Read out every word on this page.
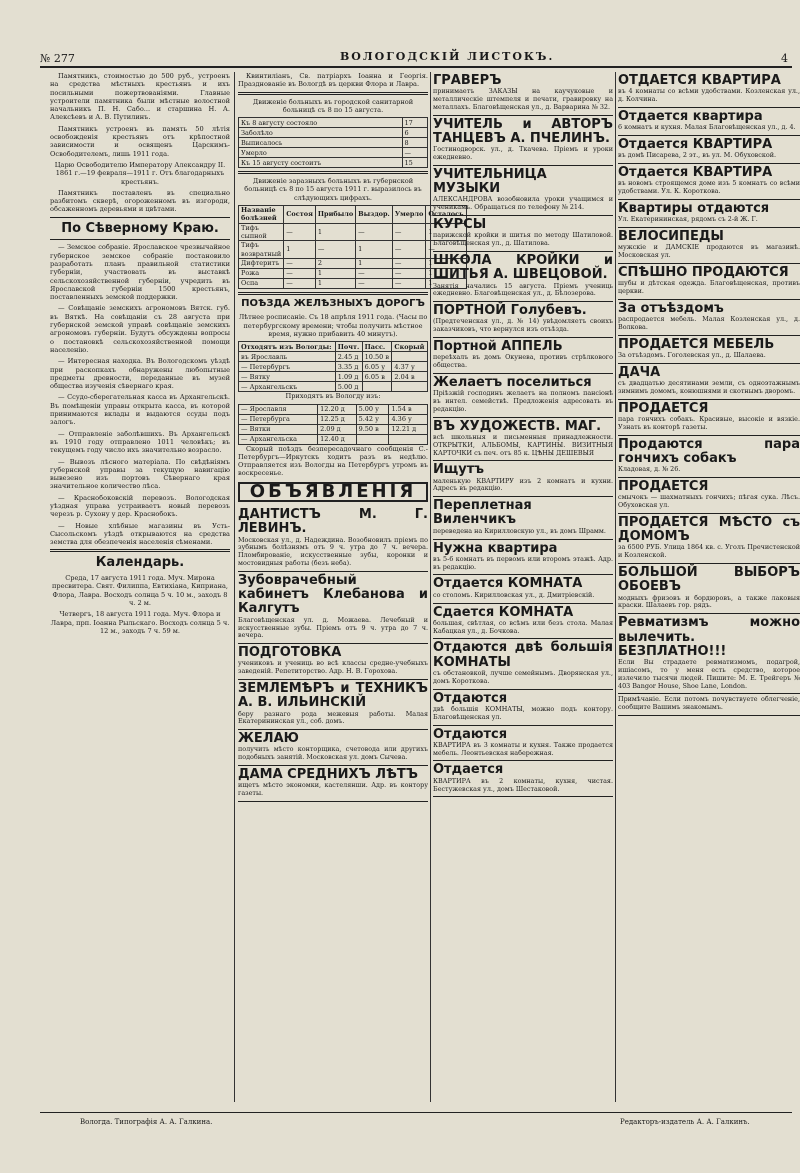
№ 277	ВОЛОГОДСКІЙ ЛИСТОКЪ.	4

Памятникъ, стоимостью до 500 руб., устроенъ на средства мѣстныхъ крестьянъ и ихъ посильными пожертвованіями. Главные устроители памятника были мѣстные волостной начальникъ П. Н. Сабо... и старшина Н. А. Алексѣевъ и А. В. Путилинъ.

Памятникъ устроенъ въ память 50 лѣтія освобожденія крестьянъ отъ крѣпостной зависимости и освященъ Царскимъ-Освободителемъ, лишь 1911 года.

Царю Освободителю Императору Александру II. 1861 г.—19 февраля—1911 г. Отъ благодарныхъ крестьянъ.

Памятникъ поставленъ въ специально разбитомъ скверѣ, огороженномъ въ изгороди, обсаженномъ деревьями и цвѣтами.

По Сѣверному Краю.

— Земское собраніе. Ярославское чрезвычайное губернское земское собраніе постановило разработать планъ правильной статистики губерніи, участвовать въ выставкѣ сельскохозяйственной губерніи, учредить въ Ярославской губерніи 1500 крестьянъ, поставленныхъ земской поддержки.

— Совѣщаніе земскихъ агрономовъ Вятск. губ. въ Вяткѣ. На совѣщаніи съ 28 августа при губернской земской управѣ совѣщаніе земскихъ агрономовъ губерніи. Будутъ обсуждены вопросы о постановкѣ сельскохозяйственной помощи населенію.

— Интересная находка. Въ Вологодскомъ уѣздѣ при раскопкахъ обнаружены любопытные предметы древности, переданные въ музей общества изученія сѣвернаго края.

— Ссудо-сберегательная касса въ Архангельскѣ. Въ помѣщеніи управы открыта касса, въ которой принимаются вклады и выдаются ссуды подъ залогъ.

— Отправленіе заболѣвшихъ. Въ Архангельскѣ въ 1910 году отправлено 1011 человѣкъ; въ текущемъ году число ихъ значительно возрасло.

— Вывозъ лѣсного матеріала. По свѣдѣніямъ губернской управы за текущую навигацію вывезено изъ портовъ Сѣвернаго края значительное количество лѣса.

— Краснобоковскій перевозъ. Вологодская уѣздная управа устраиваетъ новый перевозъ черезъ р. Сухону у дер. Краснобокъ.

— Новые хлѣбные магазины въ Усть-Сысольскомъ уѣздѣ открываются на средства земства для обезпеченія населенія сѣменами.

Календарь.

Среда, 17 августа 1911 года. Муч. Мирона пресвитера. Свят. Филиппа, Евтихіана, Киприана, Флора, Лавра. Восходъ солнца 5 ч. 10 м., заходъ 8 ч. 2 м.

Четвергъ, 18 августа 1911 года. Муч. Флора и Лавра, прп. Іоанна Рыльскаго. Восходъ солнца 5 ч. 12 м., заходъ 7 ч. 59 м.

Квинтиліанъ, Св. патріархъ Іоанна и Георгія. Празднованіе въ Вологдѣ въ церкви Флора и Лавра.

Движеніе больныхъ въ городской санитарной больницѣ съ 8 по 15 августа.

Къ 8 августу состояло	17
Заболѣло	6
Выписалось	8
Умерло	—
Къ 15 августу состоитъ	15

Движеніе заразныхъ больныхъ въ губернской больницѣ съ 8 по 15 августа 1911 г. выразилось въ слѣдующихъ цифрахъ.

Названіе болѣзней	Состоя	Прибыло	Выздор.	Умерло	Осталось
Тифъ сыпной	—	1	—	—	1
Тифъ возвратный	1	—	1	—	—
Дифтеритъ	—	2	1	—	1
Рожа	—	1	—	—	1
Оспа	—	1	—	—	1
ПОѢЗДА ЖЕЛѢЗНЫХЪ ДОРОГЪ

Лѣтнее росписаніе. Съ 18 апрѣля 1911 года. (Часы по петербургскому времени; чтобы получить мѣстное время, нужно прибавить 40 минутъ).

Отходятъ изъ Вологды:	Почт.	Пасс.	Скорый
въ Ярославль	2.45 д	10.50 в	
— Петербургъ	3.35 д	6.05 у	4.37 у
— Вятку	1.09 д	6.05 в	2.04 в
— Архангельскъ	5.00 д		

Приходятъ въ Вологду изъ:

— Ярославля	12.20 д	5.00 у	1.54 в
— Петербурга	12.25 д	5.42 у	4.36 у
— Вятки	2.09 д	9.50 в	12.21 д
— Архангельска	12.40 д		

Скорый поѣздъ безпересадочнаго сообщенія С.-Петербургъ—Иркутскъ ходитъ разъ въ недѣлю. Отправляется изъ Вологды на Петербургъ утромъ въ воскресенье.

ОБЪЯВЛЕНІЯ
ДАНТИСТЪ М. Г. ЛЕВИНЪ.
Московская ул., д. Надеждина. Возобновилъ пріемъ по зубнымъ болѣзнямъ отъ 9 ч. утра до 7 ч. вечера. Пломбированіе, искусственные зубы, коронки и мостовидныя работы (безъ неба).
Зубоврачебный кабинетъ Клебанова и Калгутъ
Благовѣщенская ул. д. Можаева. Лечебный и искусственные зубы. Пріемъ отъ 9 ч. утра до 7 ч. вечера.
ПОДГОТОВКА
учениковъ и учениць во всѣ классы средне-учебныхъ заведеній. Репетиторство. Адр. Н. В. Горохова.
ЗЕМЛЕМѢРЪ и ТЕХНИКЪ А. В. ИЛЬИНСКІЙ
беру разнаго рода межевыя работы. Малая Екатерининская ул., соб. домъ.
ЖЕЛАЮ
получить мѣсто конторщика, счетовода или другихъ подобныхъ занятій. Московская ул. домъ Сычева.
ДАМА СРЕДНИХЪ ЛѢТЪ
ищетъ мѣсто экономки, кастелянши. Адр. въ контору газеты.
ГРАВЕРЪ
принимаетъ ЗАКАЗЫ на кaучуковые и металлическіе штемпеля и печати, гравировку на металлахъ. Благовѣщенская ул., д. Варваринa № 32.
УЧИТЕЛЬ и АВТОРЪ ТАНЦЕВЪ А. ПЧЕЛИНЪ.
Гостинодворск. ул., д. Ткачева. Пріемъ и уроки ежедневно.
УЧИТЕЛЬНИЦА МУЗЫКИ
АЛЕКСАНДРОВА возобновила уроки учащимся и ученикамъ. Обращаться по телефону № 214.
КУРСЫ
парижской кройки и шитья по методу Шатиловой. Благовѣщенская ул., д. Шатилова.
ШКОЛА КРОЙКИ и ШИТЬЯ А. ШВЕЦОВОЙ.
Занятія начались 15 августа. Пріемъ учениць ежедневно. Благовѣщенская ул., д. Бѣлозерова.
ПОРТНОЙ Голубевъ.
(Предтеченская ул., д. № 14) увѣдомляетъ своихъ заказчиковъ, что вернулся изъ отъѣзда.
Портной АППЕЛЬ
переѣхалъ въ домъ Окунева, противъ стрѣлкового общества.
Желаетъ поселиться
Пріѣзжій господинъ желаетъ на полномъ пансіонѣ въ интел. семействѣ. Предложенія адресовать въ редакцію.
ВЪ ХУДОЖЕСТВ. МАГ.
всѣ школьныя и письменныя принадлежности. ОТКРЫТКИ, АЛЬБОМЫ, КАРТИНЫ. ВИЗИТНЫЯ КАРТОЧКИ съ печ. отъ 85 к. ЦѢНЫ ДЕШЕВЫЯ
Ищутъ
маленькую КВАРТИРУ изъ 2 комнатъ и кухни. Адресъ въ редакцію.
Переплетная Виленчикъ
переведена на Кирилловскую ул., въ домъ Шрамм.
Нужна квартира
въ 5-6 комнатъ въ первомъ или второмъ этажѣ. Адр. въ редакцію.
Отдается КОМНАТА
со столомъ. Кирилловская ул., д. Дмитріевскій.
Сдается КОМНАТА
большая, свѣтлая, со всѣмъ или безъ стола. Малая Кабацкая ул., д. Бочкова.
Отдаются двѣ большія КОМНАТЫ
съ обстановкой, лучше семейнымъ. Дворянская ул., домъ Короткова.
Отдаются
двѣ большія КОМНАТЫ, можно подъ контору. Благовѣщенская ул.
Отдаются
КВАРТИРА въ 3 комнаты и кухня. Также продается мебель. Леонтьевская набережная.
Отдается
КВАРТИРА въ 2 комнаты, кухня, чистая. Бестужевская ул., домъ Шестаковой.
ОТДАЕТСЯ КВАРТИРА
въ 4 комнаты со всѣми удобствами. Козленская ул., д. Колчина.
Отдается квартира
6 комнатъ и кухня. Малая Благовѣщенская ул., д. 4.
Отдается КВАРТИРА
въ домѣ Писарева, 2 эт., въ ул. М. Обуховской.
Отдается КВАРТИРА
въ новомъ строящемся доме изъ 5 комнатъ со всѣми удобствами. Ул. К. Короткова.
Квартиры отдаются
Ул. Екатерининская, рядомъ съ 2-й Ж. Г.
ВЕЛОСИПЕДЫ
мужскіе и ДАМСКІЕ продаются въ магазинѣ. Московская ул.
СПѢШНО ПРОДАЮТСЯ
шубы и дѣтская одежда. Благовѣщенская, противъ церкви.
За отъѣздомъ
распродается мебель. Малая Козленская ул., д. Волкова.
ПРОДАЕТСЯ МЕБЕЛЬ
За отъѣздомъ. Гоголевская ул., д. Шалаева.
ДАЧА
съ двадцатью десятинами земли, съ одноэтажнымъ зимнимъ домомъ, конюшнями и скотнымъ дворомъ.
ПРОДАЕТСЯ
пара гончихъ собакъ. Красивые, высокіе и вязкіе. Узнать въ конторѣ газеты.
Продаются пара гончихъ собакъ
Кладовая, д. № 26.
ПРОДАЕТСЯ
смычокъ — шахматныхъ гончихъ; пѣгая сука. Лѣсъ. Обуховская ул.
ПРОДАЕТСЯ МѢСТО съ ДОМОМЪ
за 6500 РУБ. Улица 1864 кв. с. Уголъ Пречистенской и Козленской.
БОЛЬШОЙ ВЫБОРЪ ОБОЕВЪ
модныхъ фризовъ и бордюровъ, а также лаковыя краски. Шалаевъ гор. рядъ.
Ревматизмъ можно вылечить. БЕЗПЛАТНО!!!
Если Вы страдаете ревматизмомъ, подагрой, ишіасомъ, то у меня есть средство, которое излечило тысячи людей. Пишите: М. Е. Трейгеръ № 403 Bangor House, Shoe Lane, London.
Примѣчаніе. Если потомъ почувствуете облегченіе, сообщите Вашимъ знакомымъ.
Вологда. Типографія А. А. Галкина.	Редакторъ-издатель А. А. Галкинъ.
